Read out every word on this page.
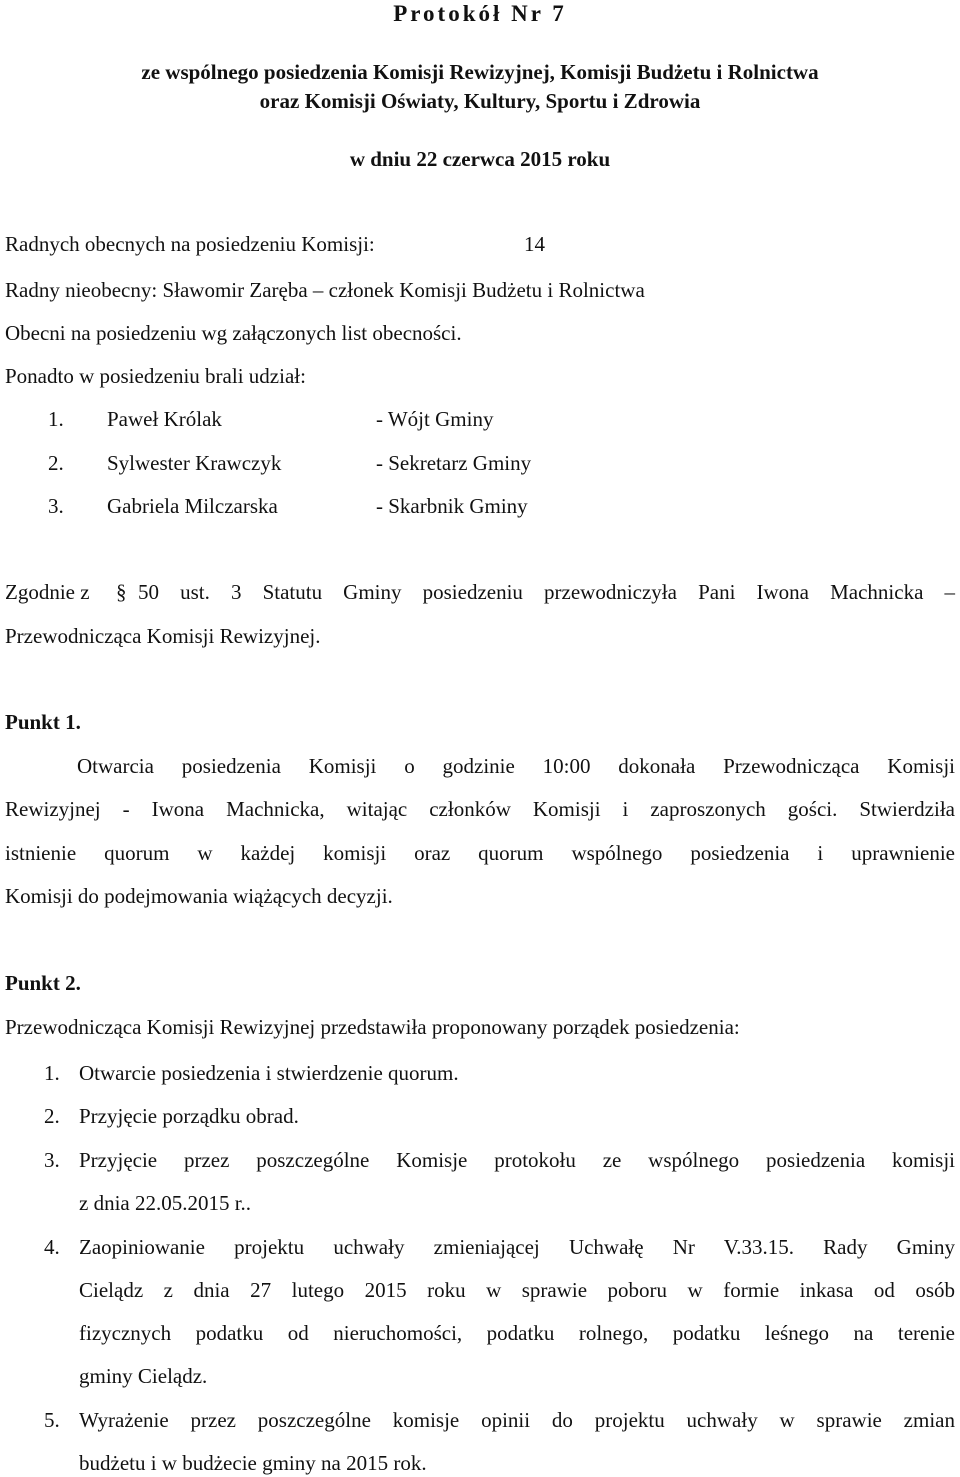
Protokół Nr 7
ze wspólnego posiedzenia Komisji Rewizyjnej, Komisji Budżetu i Rolnictwa
oraz Komisji Oświaty, Kultury, Sportu i Zdrowia
w dniu 22 czerwca 2015 roku
Radnych obecnych na posiedzeniu Komisji:	14
Radny nieobecny: Sławomir Zaręba – członek Komisji Budżetu i Rolnictwa
Obecni na posiedzeniu wg załączonych list obecności.
Ponadto w posiedzeniu brali udział:
1. Paweł Królak	- Wójt Gminy
2. Sylwester Krawczyk	- Sekretarz Gminy
3. Gabriela Milczarska	- Skarbnik Gminy
Zgodnie z § 50 ust. 3 Statutu Gminy posiedzeniu przewodniczyła Pani Iwona Machnicka –
Przewodnicząca Komisji Rewizyjnej.
Punkt 1.
Otwarcia posiedzenia Komisji o godzinie 10:00 dokonała Przewodnicząca Komisji
Rewizyjnej - Iwona Machnicka, witając członków Komisji i zaproszonych gości. Stwierdziła
istnienie quorum w każdej komisji oraz quorum wspólnego posiedzenia i uprawnienie
Komisji do podejmowania wiążących decyzji.
Punkt 2.
Przewodnicząca Komisji Rewizyjnej przedstawiła proponowany porządek posiedzenia:
1. Otwarcie posiedzenia i stwierdzenie quorum.
2. Przyjęcie porządku obrad.
3. Przyjęcie przez poszczególne Komisje protokołu ze wspólnego posiedzenia komisji
z dnia 22.05.2015 r..
4. Zaopiniowanie projektu uchwały zmieniającej Uchwałę Nr V.33.15. Rady Gminy
Cielądz z dnia 27 lutego 2015 roku w sprawie poboru w formie inkasa od osób
fizycznych podatku od nieruchomości, podatku rolnego, podatku leśnego na terenie
gminy Cielądz.
5. Wyrażenie przez poszczególne komisje opinii do projektu uchwały w sprawie zmian
budżetu i w budżecie gminy na 2015 rok.
